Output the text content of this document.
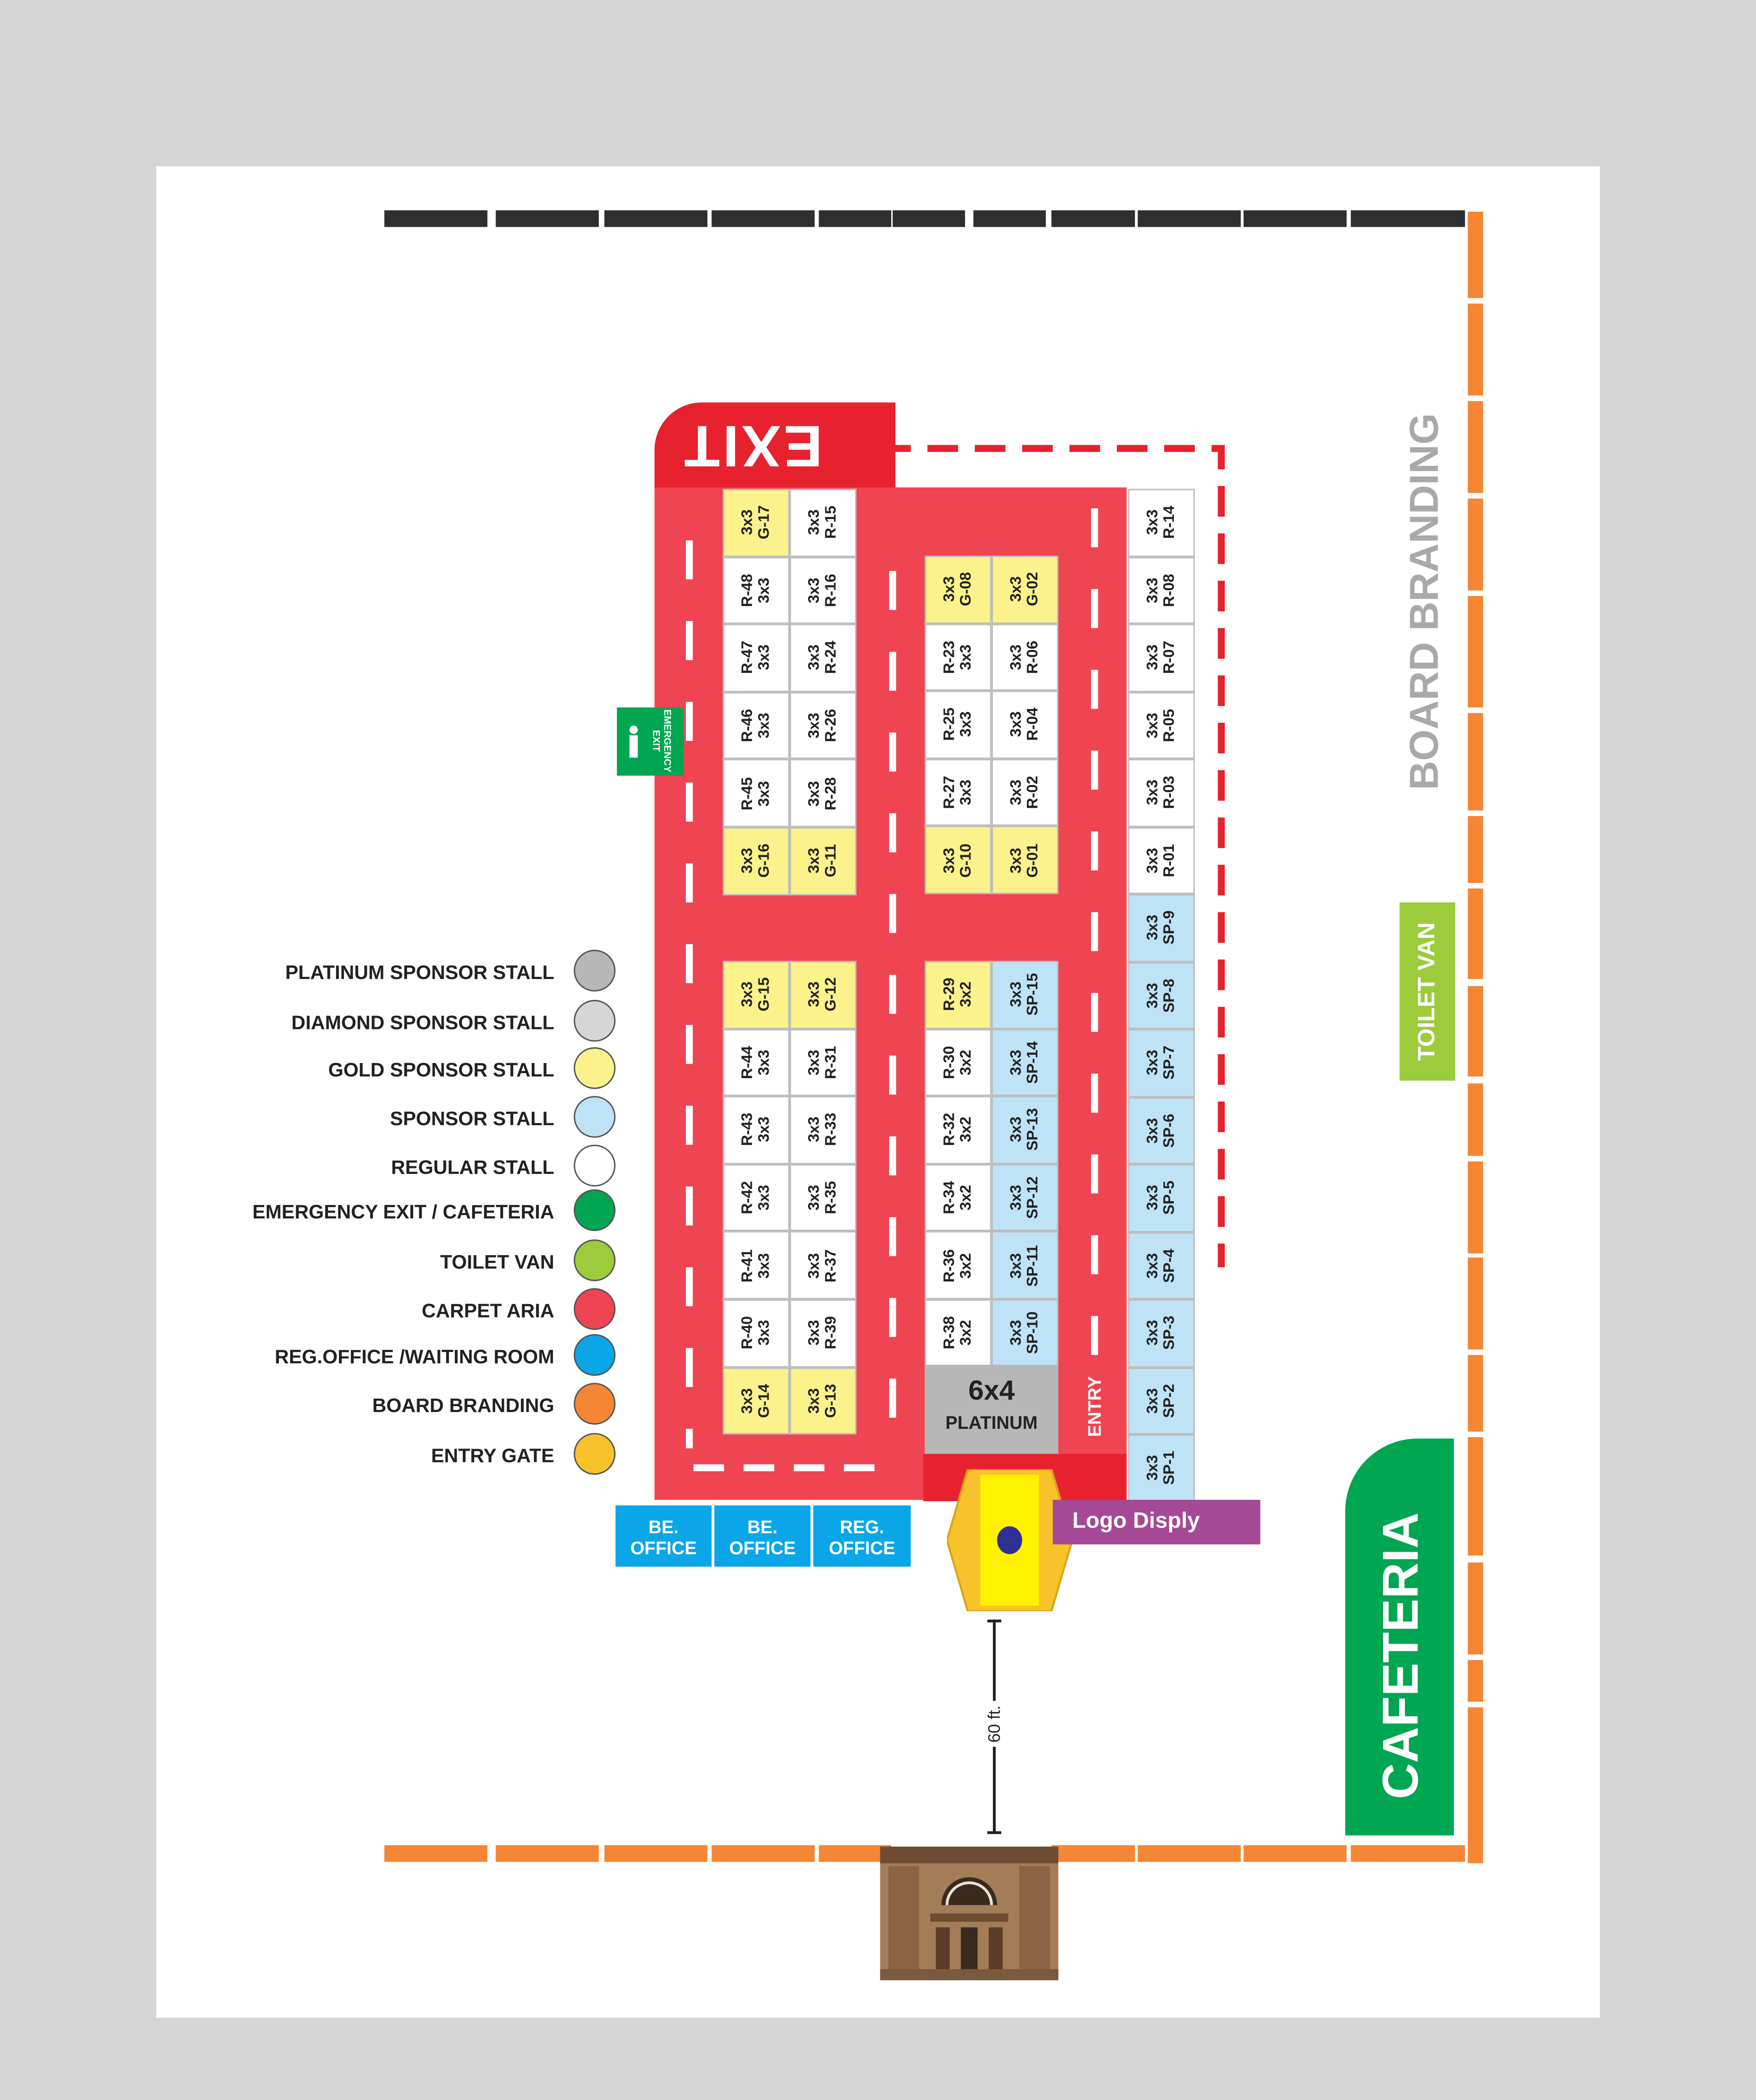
BOARD BRANDING
TOILET VAN
CAFETERIA
EXIT
3x3
G-17	3x3
R-15
R-48
3x3	3x3
R-16
R-47
3x3	3x3
R-24
R-46
3x3	3x3
R-26
R-45
3x3	3x3
R-28
3x3
G-16	3x3
G-11
3x3
G-15	3x3
G-12
R-44
3x3	3x3
R-31
R-43
3x3	3x3
R-33
R-42
3x3	3x3
R-35
R-41
3x3	3x3
R-37
R-40
3x3	3x3
R-39
3x3
G-14	3x3
G-13
3x3
G-08	3x3
G-02
R-23
3x3	3x3
R-06
R-25
3x3	3x3
R-04
R-27
3x3	3x3
R-02
3x3
G-10	3x3
G-01
R-29
3x2	3x3
SP-15
R-30
3x2	3x3
SP-14
R-32
3x2	3x3
SP-13
R-34
3x2	3x3
SP-12
R-36
3x2	3x3
SP-11
R-38
3x2	3x3
SP-10
3x3
R-14
3x3
R-08
3x3
R-07
3x3
R-05
3x3
R-03
3x3
R-01
3x3
SP-9
3x3
SP-8
3x3
SP-7
3x3
SP-6
3x3
SP-5
3x3
SP-4
3x3
SP-3
3x3
SP-2
3x3
SP-1
6x4
PLATINUM	ENTRY
EMERGENCY
EXIT
BE.
OFFICE
BE.
OFFICE
REG.
OFFICE
Logo Disply
60 ft.
PLATINUM SPONSOR STALL
DIAMOND SPONSOR STALL
GOLD SPONSOR STALL
SPONSOR STALL
REGULAR STALL
EMERGENCY EXIT / CAFETERIA
TOILET VAN
CARPET ARIA
REG.OFFICE /WAITING ROOM
BOARD BRANDING
ENTRY GATE
